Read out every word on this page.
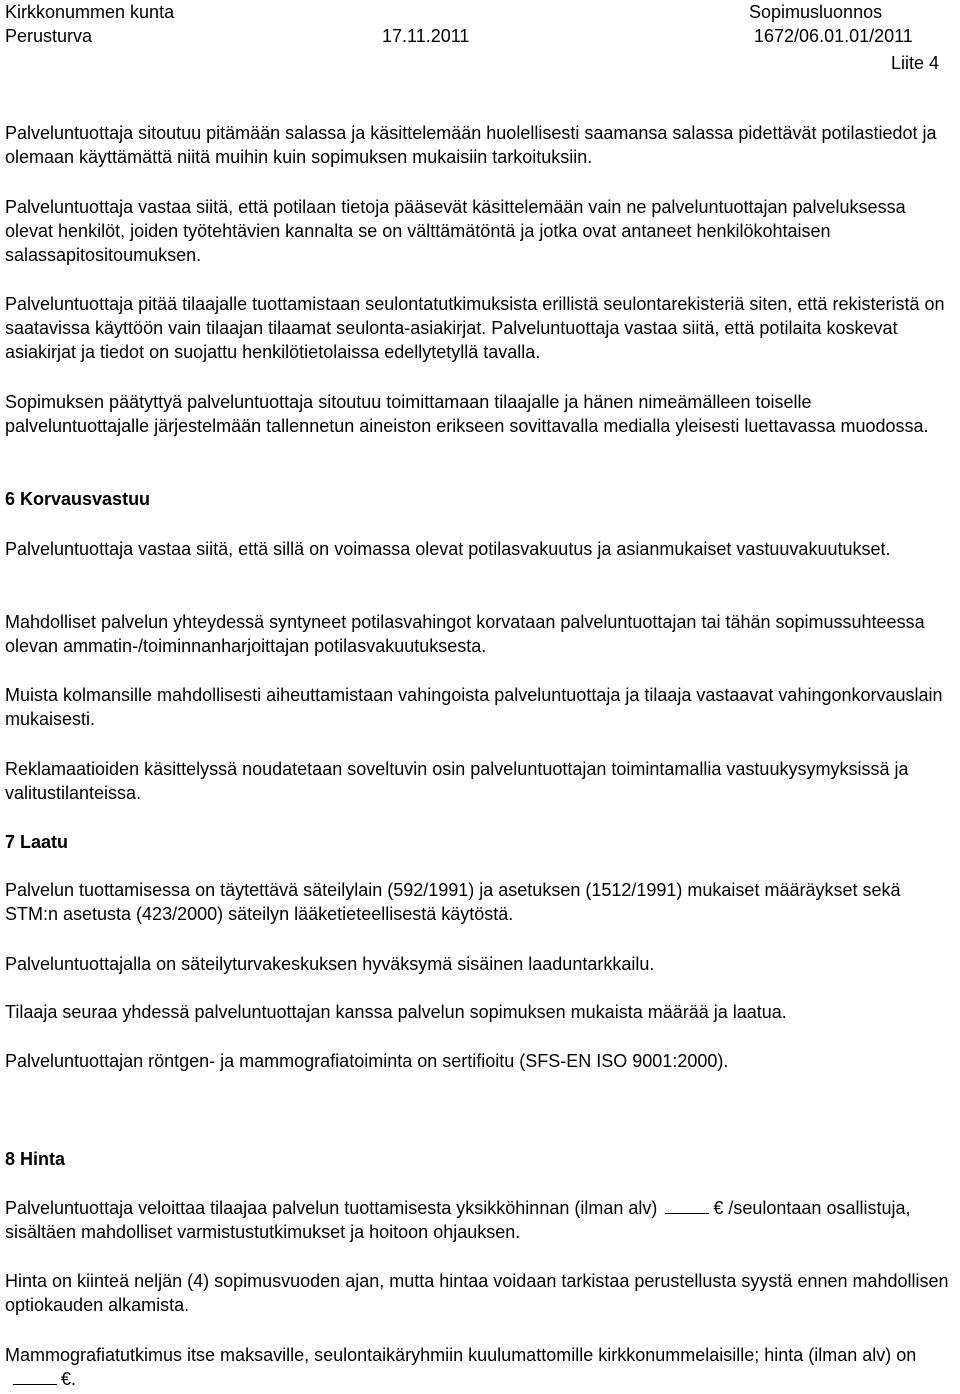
Kirkkonummen kunta	Sopimusluonnos
Perusturva	17.11.2011	1672/06.01.01/2011
Liite 4

Palveluntuottaja sitoutuu pitämään salassa ja käsittelemään huolellisesti saamansa salassa pidettävät potilastiedot ja olemaan käyttämättä niitä muihin kuin sopimuksen mukaisiin tarkoituksiin.

Palveluntuottaja vastaa siitä, että potilaan tietoja pääsevät käsittelemään vain ne palveluntuottajan palveluksessa olevat henkilöt, joiden työtehtävien kannalta se on välttämätöntä ja jotka ovat antaneet henkilökohtaisen salassapitositoumuksen.

Palveluntuottaja pitää tilaajalle tuottamistaan seulontatutkimuksista erillistä seulontarekisteriä siten, että rekisteristä on saatavissa käyttöön vain tilaajan tilaamat seulonta-asiakirjat. Palveluntuottaja vastaa siitä, että potilaita koskevat asiakirjat ja tiedot on suojattu henkilötietolaissa edellytetyllä tavalla.

Sopimuksen päätyttyä palveluntuottaja sitoutuu toimittamaan tilaajalle ja hänen nimeämälleen toiselle palveluntuottajalle järjestelmään tallennetun aineiston erikseen sovittavalla medialla yleisesti luettavassa muodossa.

6 Korvausvastuu

Palveluntuottaja vastaa siitä, että sillä on voimassa olevat potilasvakuutus ja asianmukaiset vastuuvakuutukset.

Mahdolliset palvelun yhteydessä syntyneet potilasvahingot korvataan palveluntuottajan tai tähän sopimussuhteessa olevan ammatin-/toiminnanharjoittajan potilasvakuutuksesta.

Muista kolmansille mahdollisesti aiheuttamistaan vahingoista palveluntuottaja ja tilaaja vastaavat vahingonkorvauslain mukaisesti.

Reklamaatioiden käsittelyssä noudatetaan soveltuvin osin palveluntuottajan toimintamallia vastuukysymyksissä ja valitustilanteissa.

7 Laatu

Palvelun tuottamisessa on täytettävä säteilylain (592/1991) ja asetuksen (1512/1991) mukaiset määräykset sekä STM:n asetusta (423/2000) säteilyn lääketieteellisestä käytöstä.

Palveluntuottajalla on säteilyturvakeskuksen hyväksymä sisäinen laaduntarkkailu.

Tilaaja seuraa yhdessä palveluntuottajan kanssa palvelun sopimuksen mukaista määrää ja laatua.

Palveluntuottajan röntgen- ja mammografiatoiminta on sertifioitu (SFS-EN ISO 9001:2000).

8 Hinta

Palveluntuottaja veloittaa tilaajaa palvelun tuottamisesta yksikköhinnan (ilman alv)	€ /seulontaan osallistuja, sisältäen mahdolliset varmistustutkimukset ja hoitoon ohjauksen.

Hinta on kiinteä neljän (4) sopimusvuoden ajan, mutta hintaa voidaan tarkistaa perustellusta syystä ennen mahdollisen optiokauden alkamista.

Mammografiatutkimus itse maksaville, seulontaikäryhmiin kuulumattomille kirkkonummelaisille; hinta (ilman alv) on€.
